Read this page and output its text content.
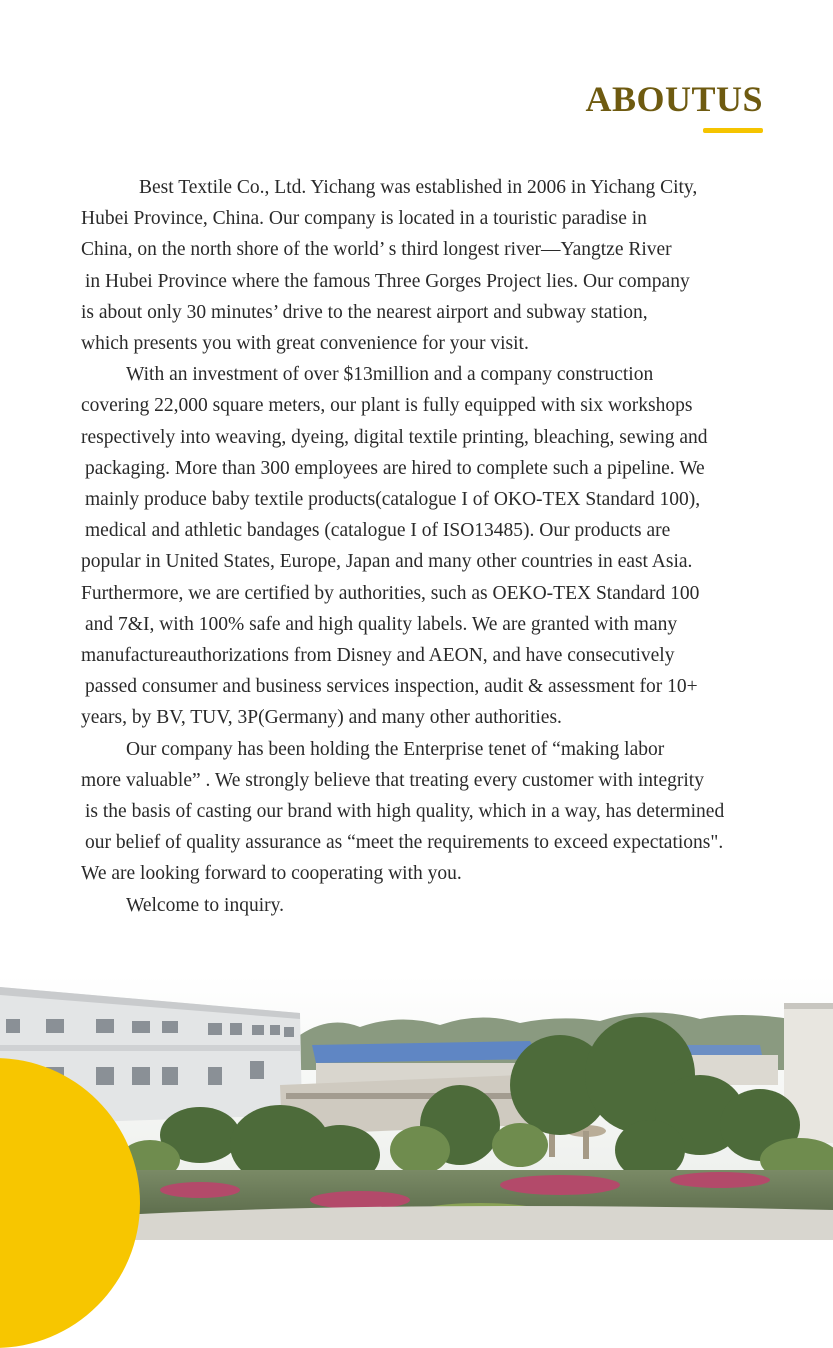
ABOUTUS
Best Textile Co., Ltd. Yichang was established in 2006 in Yichang City,
Hubei Province, China. Our company is located in a touristic paradise in
China, on the north shore of the world’ s third longest river—Yangtze River
in Hubei Province where the famous Three Gorges Project lies. Our company
is about only 30 minutes’ drive to the nearest airport and subway station,
which presents you with great convenience for your visit.
With an investment of over $13million and a company construction
covering 22,000 square meters, our plant is fully equipped with six workshops
respectively into weaving, dyeing, digital textile printing, bleaching, sewing and
packaging. More than 300 employees are hired to complete such a pipeline. We
mainly produce baby textile products(catalogue I of OKO-TEX Standard 100),
medical and athletic bandages (catalogue I of ISO13485). Our products are
popular in United States, Europe, Japan and many other countries in east Asia.
Furthermore, we are certified by authorities, such as OEKO-TEX Standard 100
and 7&I, with 100% safe and high quality labels. We are granted with many
manufactureauthorizations from Disney and AEON, and have consecutively
passed consumer and business services inspection, audit & assessment for 10+
years, by BV, TUV, 3P(Germany) and many other authorities.
Our company has been holding the Enterprise tenet of “making labor
more valuable” . We strongly believe that treating every customer with integrity
is the basis of casting our brand with high quality, which in a way, has determined
our belief of quality assurance as “meet the requirements to exceed expectations".
We are looking forward to cooperating with you.
Welcome to inquiry.
